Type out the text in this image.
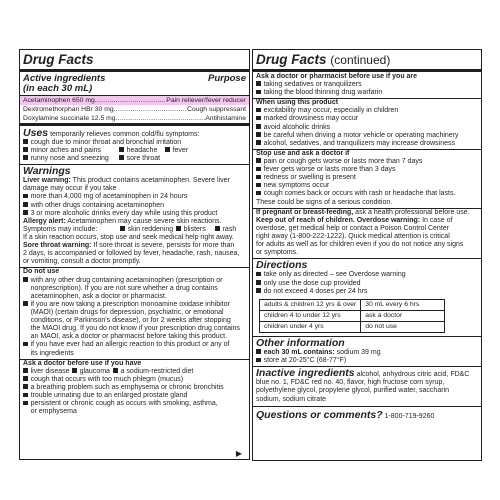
Drug Facts
Active ingredients
(in each 30 mL)
Purpose
Acetaminophen 650 mg .....	Pain reliever/fever reducer
Dextromethorphan HBr 30 mg .....	Cough suppressant
Doxylamine succinate 12.5 mg .....	Antihistamine

Uses temporarily relieves common cold/flu symptoms:

cough due to minor throat and bronchial irritation

minor aches and pains	headache	fever
runny nose and sneezing	sore throat
Warnings

Liver warning: This product contains acetaminophen. Severe liver

damage may occur if you take

more than 4,000 mg of acetaminophen in 24 hours

with other drugs containing acetaminophen

3 or more alcoholic drinks every day while using this product

Allergy alert: Acetaminophen may cause severe skin reactions.

Symptoms may include:	skin reddening	blisters	rash

If a skin reaction occurs, stop use and seek medical help right away.

Sore throat warning: If sore throat is severe, persists for more than

2 days, is accompanied or followed by fever, headache, rash, nausea,

or vomiting, consult a doctor promptly.

Do not use

with any other drug containing acetaminophen (prescription or

nonprescription). If you are not sure whether a drug contains

acetaminophen, ask a doctor or pharmacist.

if you are now taking a prescription monoamine oxidase inhibitor

(MAOI) (certain drugs for depression, psychiatric, or emotional

conditions, or Parkinson's disease), or for 2 weeks after stopping

the MAOI drug. If you do not know if your prescription drug contains

an MAOI, ask a doctor or pharmacist before taking this product.

if you have ever had an allergic reaction to this product or any of

its ingredients

Ask a doctor before use if you have

liver disease	glaucoma	a sodium-restricted diet

cough that occurs with too much phlegm (mucus)

a breathing problem such as emphysema or chronic bronchitis

trouble urinating due to an enlarged prostate gland

persistent or chronic cough as occurs with smoking, asthma,

or emphysema

▶
Drug Facts (continued)

Ask a doctor or pharmacist before use if you are

taking sedatives or tranquilizers

taking the blood thinning drug warfarin

When using this product

excitability may occur, especially in children

marked drowsiness may occur

avoid alcoholic drinks

be careful when driving a motor vehicle or operating machinery

alcohol, sedatives, and tranquilizers may increase drowsiness

Stop use and ask a doctor if

pain or cough gets worse or lasts more than 7 days

fever gets worse or lasts more than 3 days

redness or swelling is present

new symptoms occur

cough comes back or occurs with rash or headache that lasts.

These could be signs of a serious condition.

If pregnant or breast-feeding, ask a health professional before use.

Keep out of reach of children. Overdose warning: In case of

overdose, get medical help or contact a Poison Control Center

right away (1-800-222-1222). Quick medical attention is critical

for adults as well as for children even if you do not notice any signs

or symptoms.

Directions

take only as directed – see Overdose warning

only use the dose cup provided

do not exceed 4 doses per 24 hrs

adults & children 12 yrs & over	30 mL every 6 hrs
children 4 to under 12 yrs	ask a doctor
children under 4 yrs	do not use
Other information

each 30 mL contains: sodium 39 mg

store at 20-25°C (68-77°F)

Inactive ingredients alcohol, anhydrous citric acid, FD&C

blue no. 1, FD&C red no. 40, flavor, high fructose corn syrup,

polyethylene glycol, propylene glycol, purified water, saccharin

sodium, sodium citrate

Questions or comments? 1-800-719-9260
